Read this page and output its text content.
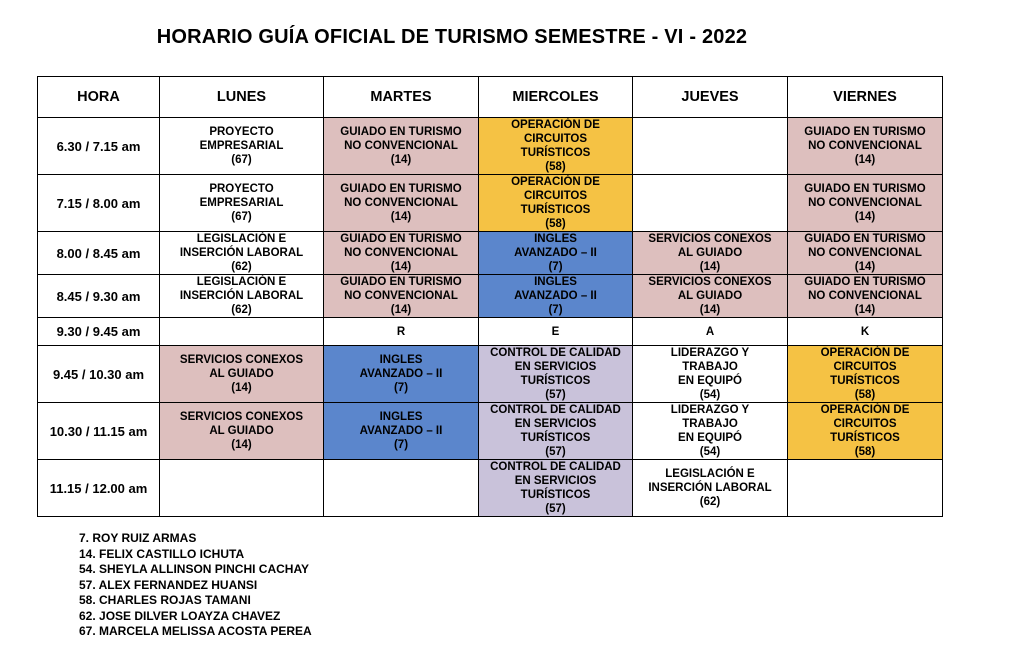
HORARIO GUÍA OFICIAL DE TURISMO SEMESTRE - VI - 2022
HORA	LUNES	MARTES	MIERCOLES	JUEVES	VIERNES
6.30 / 7.15 am	PROYECTO
EMPRESARIAL
(67)	GUIADO EN TURISMO
NO CONVENCIONAL
(14)	OPERACIÓN DE
CIRCUITOS
TURÍSTICOS
(58)		GUIADO EN TURISMO
NO CONVENCIONAL
(14)

7.15 / 8.00 am	PROYECTO
EMPRESARIAL
(67)	GUIADO EN TURISMO
NO CONVENCIONAL
(14)	OPERACIÓN DE
CIRCUITOS
TURÍSTICOS
(58)		GUIADO EN TURISMO
NO CONVENCIONAL
(14)

8.00 / 8.45 am	LEGISLACIÓN E
INSERCIÓN LABORAL
(62)	GUIADO EN TURISMO
NO CONVENCIONAL
(14)	INGLES
AVANZADO – II
(7)	SERVICIOS CONEXOS
AL GUIADO
(14)	GUIADO EN TURISMO
NO CONVENCIONAL
(14)

8.45 / 9.30 am	LEGISLACIÓN E
INSERCIÓN LABORAL
(62)	GUIADO EN TURISMO
NO CONVENCIONAL
(14)	INGLES
AVANZADO – II
(7)	SERVICIOS CONEXOS
AL GUIADO
(14)	GUIADO EN TURISMO
NO CONVENCIONAL
(14)

9.30 / 9.45 am		R	E	A	K

9.45 / 10.30 am	SERVICIOS CONEXOS
AL GUIADO
(14)	INGLES
AVANZADO – II
(7)	CONTROL DE CALIDAD
EN SERVICIOS
TURÍSTICOS
(57)	LIDERAZGO Y
TRABAJO
EN EQUIPÓ
(54)	OPERACIÓN DE
CIRCUITOS
TURÍSTICOS
(58)

10.30 / 11.15 am	SERVICIOS CONEXOS
AL GUIADO
(14)	INGLES
AVANZADO – II
(7)	CONTROL DE CALIDAD
EN SERVICIOS
TURÍSTICOS
(57)	LIDERAZGO Y
TRABAJO
EN EQUIPÓ
(54)	OPERACIÓN DE
CIRCUITOS
TURÍSTICOS
(58)

11.15 / 12.00 am			CONTROL DE CALIDAD
EN SERVICIOS
TURÍSTICOS
(57)	LEGISLACIÓN E
INSERCIÓN LABORAL
(62)	

7. ROY RUIZ ARMAS
14. FELIX CASTILLO ICHUTA
54. SHEYLA ALLINSON PINCHI CACHAY
57. ALEX FERNANDEZ HUANSI
58. CHARLES ROJAS TAMANI
62. JOSE DILVER LOAYZA CHAVEZ
67. MARCELA MELISSA ACOSTA PEREA
